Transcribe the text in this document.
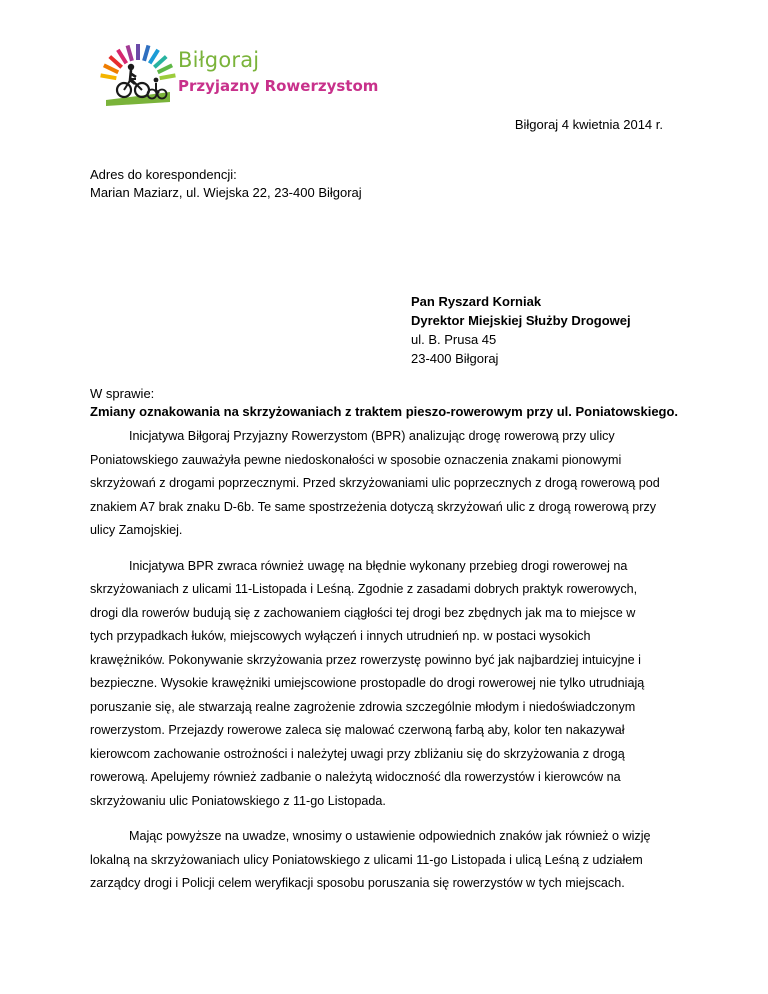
Biłgoraj
Przyjazny Rowerzystom
Biłgoraj 4 kwietnia 2014 r.
Adres do korespondencji:
Marian Maziarz, ul. Wiejska 22, 23-400 Biłgoraj
Pan Ryszard Korniak
Dyrektor Miejskiej Służby Drogowej
ul. B. Prusa 45
23-400 Biłgoraj
W sprawie:
Zmiany oznakowania na skrzyżowaniach z traktem pieszo-rowerowym przy ul. Poniatowskiego.

Inicjatywa Biłgoraj Przyjazny Rowerzystom (BPR) analizując drogę rowerową przy ulicy
Poniatowskiego zauważyła pewne niedoskonałości w sposobie oznaczenia znakami pionowymi
skrzyżowań z drogami poprzecznymi. Przed skrzyżowaniami ulic poprzecznych z drogą rowerową pod
znakiem A7 brak znaku D-6b. Te same spostrzeżenia dotyczą skrzyżowań ulic z drogą rowerową przy
ulicy Zamojskiej.

Inicjatywa BPR zwraca również uwagę na błędnie wykonany przebieg drogi rowerowej na
skrzyżowaniach z ulicami 11-Listopada i Leśną. Zgodnie z zasadami dobrych praktyk rowerowych,
drogi dla rowerów budują się z zachowaniem ciągłości tej drogi bez zbędnych jak ma to miejsce w
tych przypadkach łuków, miejscowych wyłączeń i innych utrudnień np. w postaci wysokich
krawężników. Pokonywanie skrzyżowania przez rowerzystę powinno być jak najbardziej intuicyjne i
bezpieczne. Wysokie krawężniki umiejscowione prostopadle do drogi rowerowej nie tylko utrudniają
poruszanie się, ale stwarzają realne zagrożenie zdrowia szczególnie młodym i niedoświadczonym
rowerzystom. Przejazdy rowerowe zaleca się malować czerwoną farbą aby, kolor ten nakazywał
kierowcom zachowanie ostrożności i należytej uwagi przy zbliżaniu się do skrzyżowania z drogą
rowerową. Apelujemy również zadbanie o należytą widoczność dla rowerzystów i kierowców na
skrzyżowaniu ulic Poniatowskiego z 11-go Listopada.

Mając powyższe na uwadze, wnosimy o ustawienie odpowiednich znaków jak również o wizję
lokalną na skrzyżowaniach ulicy Poniatowskiego z ulicami 11-go Listopada i ulicą Leśną z udziałem
zarządcy drogi i Policji celem weryfikacji sposobu poruszania się rowerzystów w tych miejscach.
